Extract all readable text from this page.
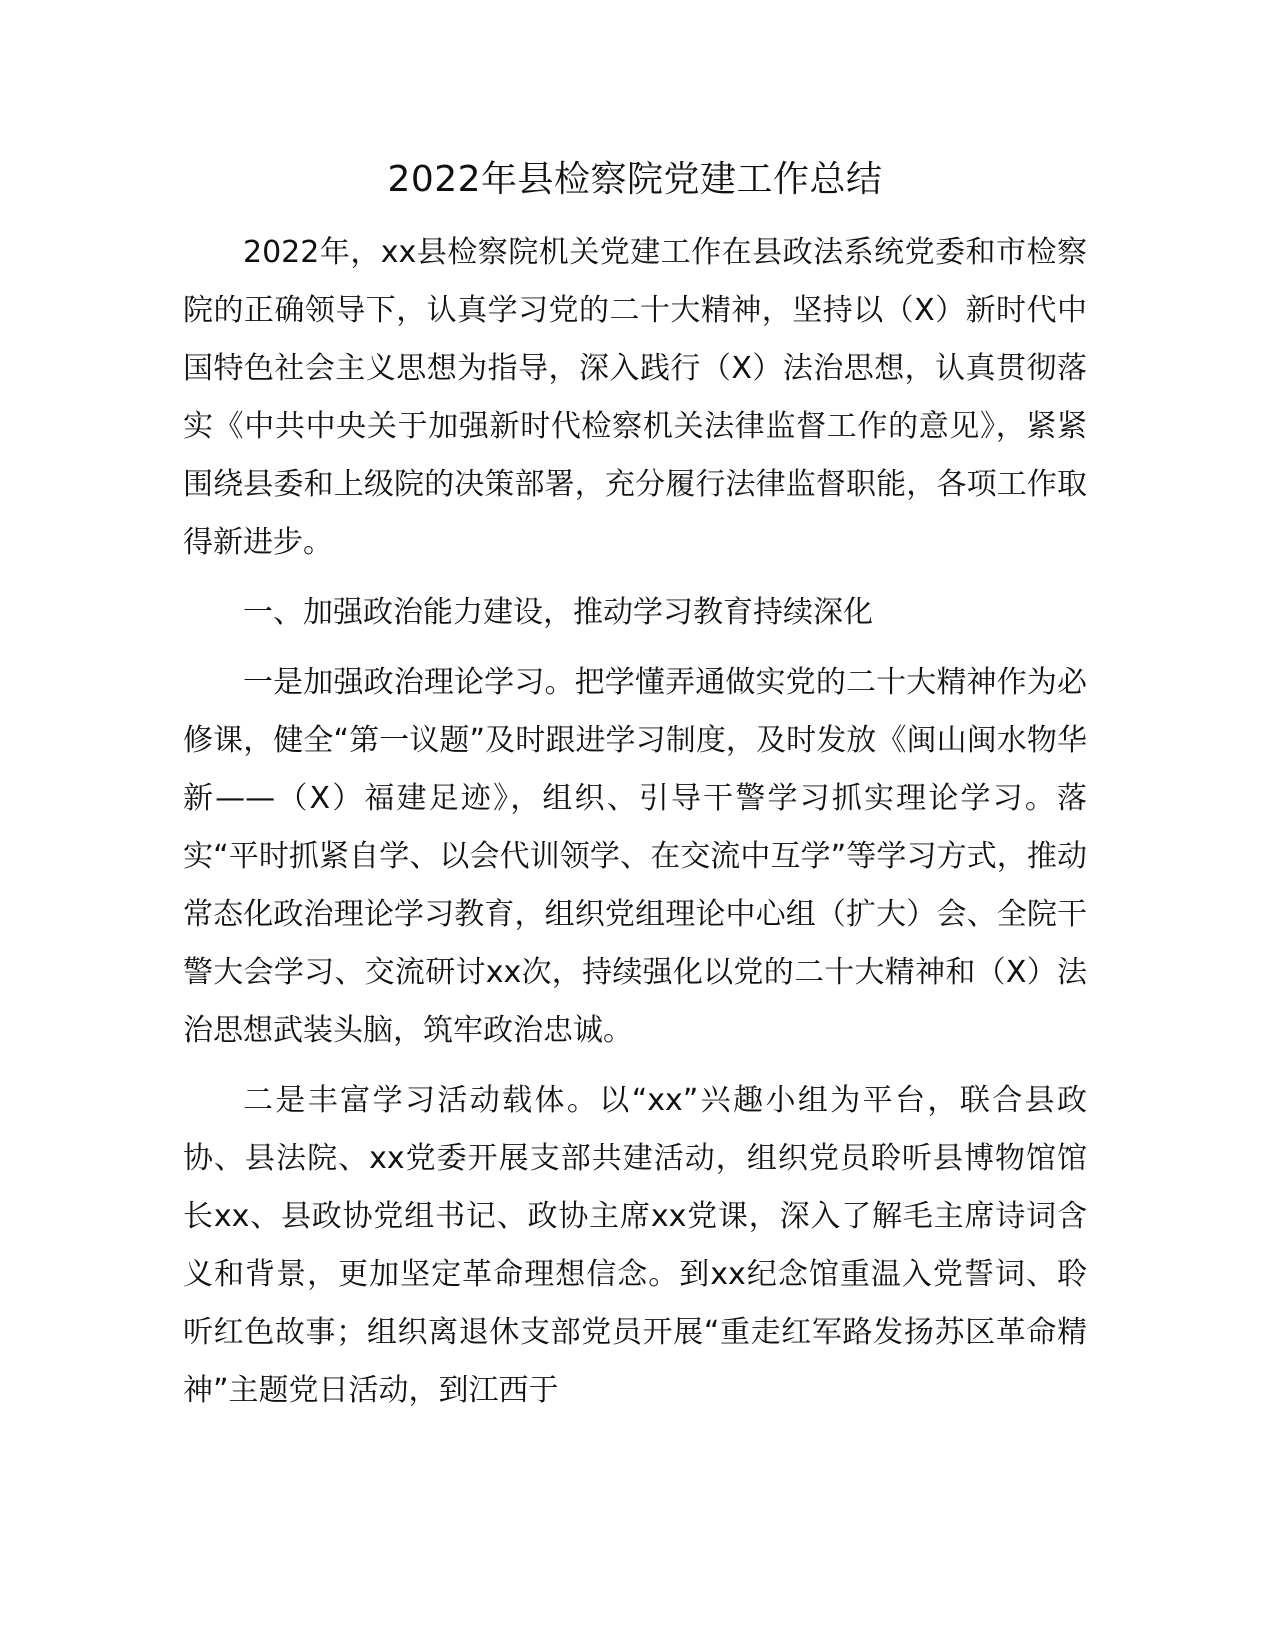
2022年县检察院党建工作总结

2022年，xx县检察院机关党建工作在县政法系统党委和市检察院的正确领导下，认真学习党的二十大精神，坚持以（X）新时代中国特色社会主义思想为指导，深入践行（X）法治思想，认真贯彻落实《中共中央关于加强新时代检察机关法律监督工作的意见》，紧紧围绕县委和上级院的决策部署，充分履行法律监督职能，各项工作取得新进步。

一、加强政治能力建设，推动学习教育持续深化

一是加强政治理论学习。把学懂弄通做实党的二十大精神作为必修课，健全“第一议题”及时跟进学习制度，及时发放《闽山闽水物华新——（X）福建足迹》，组织、引导干警学习抓实理论学习。落实“平时抓紧自学、以会代训领学、在交流中互学”等学习方式，推动常态化政治理论学习教育，组织党组理论中心组（扩大）会、全院干警大会学习、交流研讨xx次，持续强化以党的二十大精神和（X）法治思想武装头脑，筑牢政治忠诚。

二是丰富学习活动载体。以“xx”兴趣小组为平台，联合县政协、县法院、xx党委开展支部共建活动，组织党员聆听县博物馆馆长xx、县政协党组书记、政协主席xx党课，深入了解毛主席诗词含义和背景，更加坚定革命理想信念。到xx纪念馆重温入党誓词、聆听红色故事；组织离退休支部党员开展“重走红军路发扬苏区革命精神”主题党日活动，到江西于
